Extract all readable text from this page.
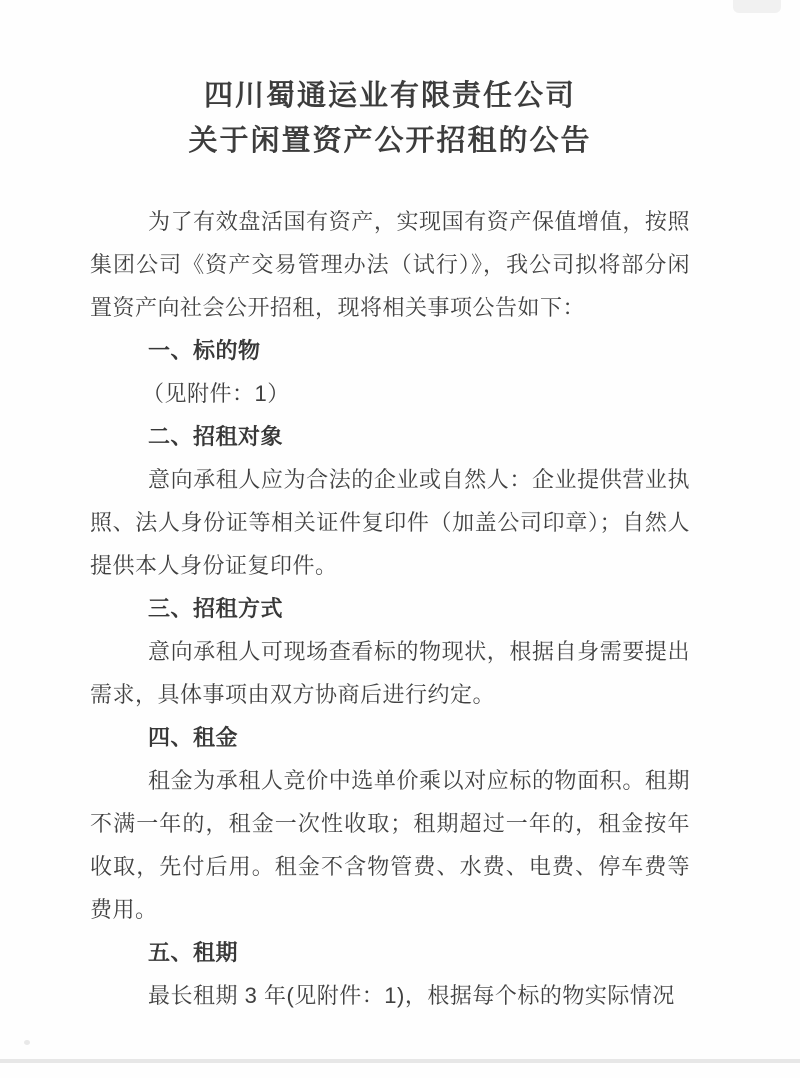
四川蜀通运业有限责任公司
关于闲置资产公开招租的公告

为了有效盘活国有资产，实现国有资产保值增值，按照集团公司《资产交易管理办法（试行）》，我公司拟将部分闲置资产向社会公开招租，现将相关事项公告如下：

一、标的物

（见附件：1）

二、招租对象

意向承租人应为合法的企业或自然人：企业提供营业执照、法人身份证等相关证件复印件（加盖公司印章）；自然人提供本人身份证复印件。

三、招租方式

意向承租人可现场查看标的物现状，根据自身需要提出需求，具体事项由双方协商后进行约定。

四、租金

租金为承租人竞价中选单价乘以对应标的物面积。租期不满一年的，租金一次性收取；租期超过一年的，租金按年收取，先付后用。租金不含物管费、水费、电费、停车费等费用。

五、租期

最长租期 3 年(见附件：1)，根据每个标的物实际情况
